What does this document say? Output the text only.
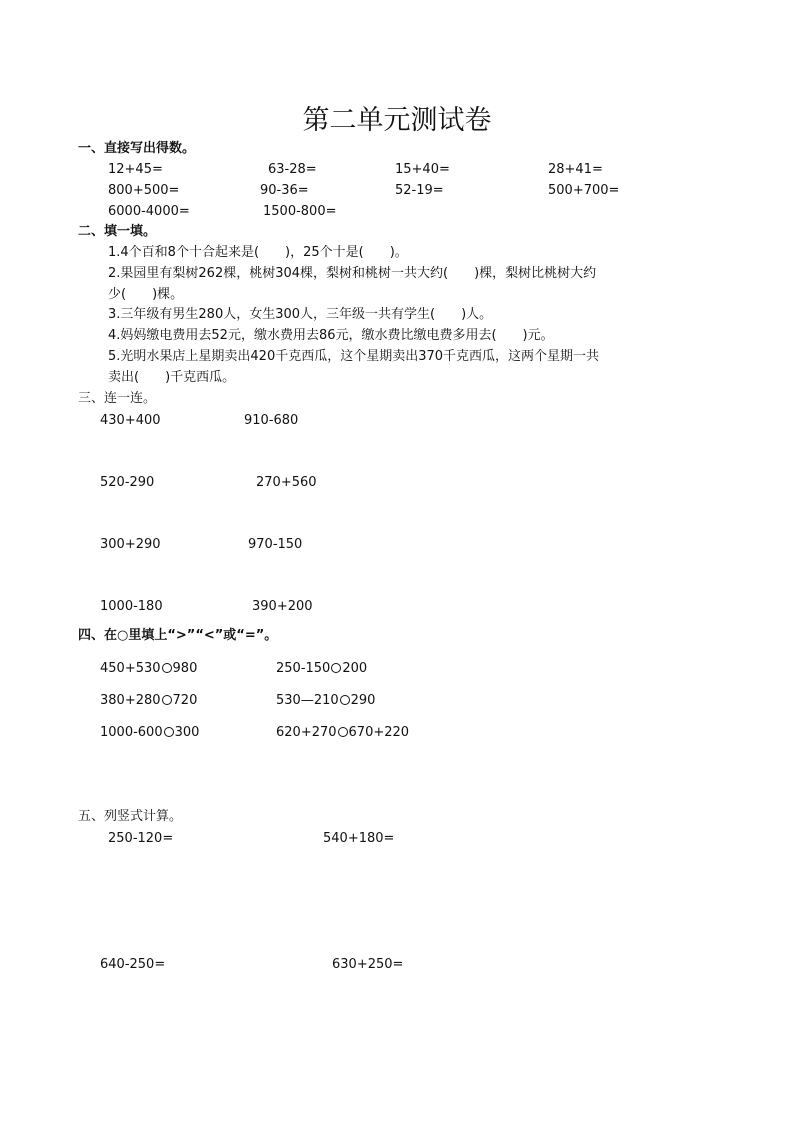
第二单元测试卷
一、直接写出得数。
12+45=	63-28=	15+40=	28+41=
800+500=	90-36=	52-19=	500+700=
6000-4000=	1500-800=
二、填一填。
1.4个百和8个十合起来是(　　)，25个十是(　　)。
2.果园里有梨树262棵，桃树304棵，梨树和桃树一共大约(　　)棵，梨树比桃树大约
少(　　)棵。
3.三年级有男生280人，女生300人，三年级一共有学生(　　)人。
4.妈妈缴电费用去52元，缴水费用去86元，缴水费比缴电费多用去(　　)元。
5.光明水果店上星期卖出420千克西瓜，这个星期卖出370千克西瓜，这两个星期一共
卖出(　　)千克西瓜。
三、连一连。
430+400	910-680
520-290	270+560
300+290	970-150
1000-180	390+200
四、在○里填上“>”“<”或“=”。
450+530 980	250-150 200
380+280 720	530—210 290
1000-600 300	620+270 670+220
五、列竖式计算。
250-120=	540+180=
640-250=	630+250=
